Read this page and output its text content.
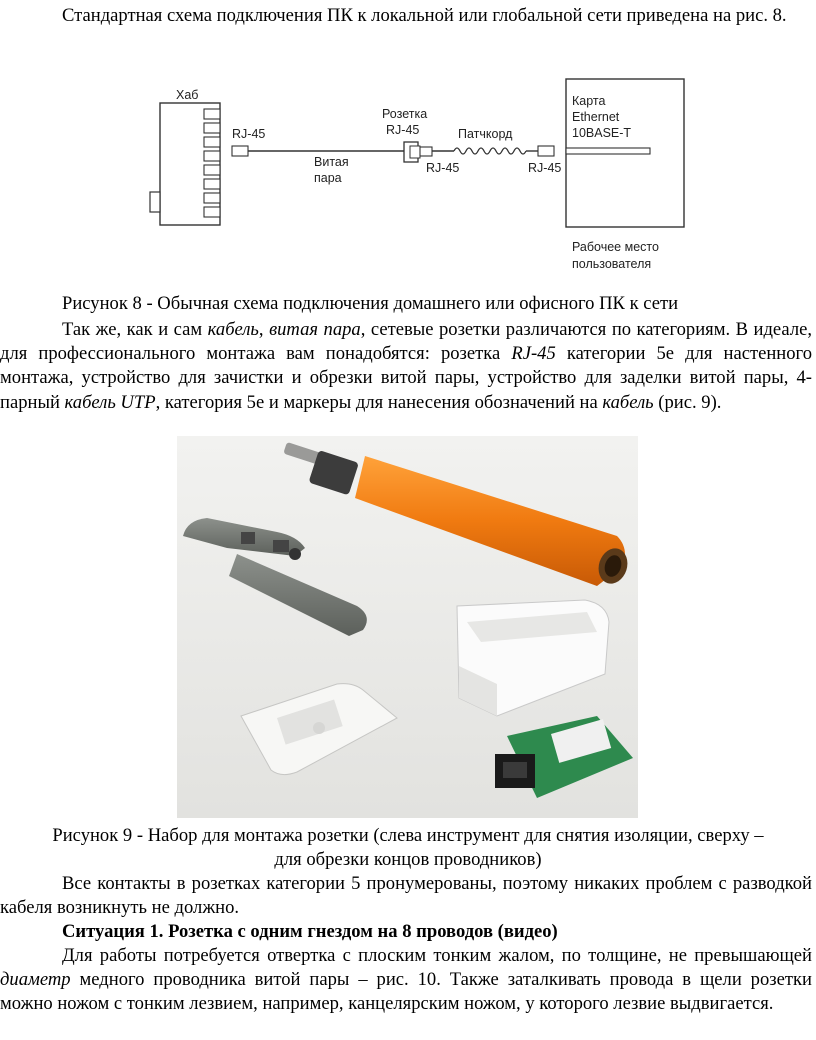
Стандартная схема подключения ПК к локальной или глобальной сети приведена на рис. 8.

Хаб
RJ-45
Витая
пара
Розетка
RJ-45
RJ-45
Патчкорд
RJ-45
Карта
Ethernet
10BASE-T
Рабочее место
пользователя

Рисунок 8 - Обычная схема подключения домашнего или офисного ПК к сети

Так же, как и сам кабель, витая пара, сетевые розетки различаются по категориям. В идеале, для профессионального монтажа вам понадобятся: розетка RJ-45 категории 5е для настенного монтажа, устройство для зачистки и обрезки витой пары, устройство для заделки витой пары, 4-парный кабель UTP, категория 5е и маркеры для нанесения обозначений на кабель (рис. 9).

Рисунок 9 - Набор для монтажа розетки (слева инструмент для снятия изоляции, сверху –

для обрезки концов проводников)

Все контакты в розетках категории 5 пронумерованы, поэтому никаких проблем с разводкой кабеля возникнуть не должно.

Ситуация 1. Розетка с одним гнездом на 8 проводов (видео)

Для работы потребуется отвертка с плоским тонким жалом, по толщине, не превышающей диаметр медного проводника витой пары – рис. 10. Также заталкивать провода в щели розетки можно ножом с тонким лезвием, например, канцелярским ножом, у которого лезвие выдвигается.
